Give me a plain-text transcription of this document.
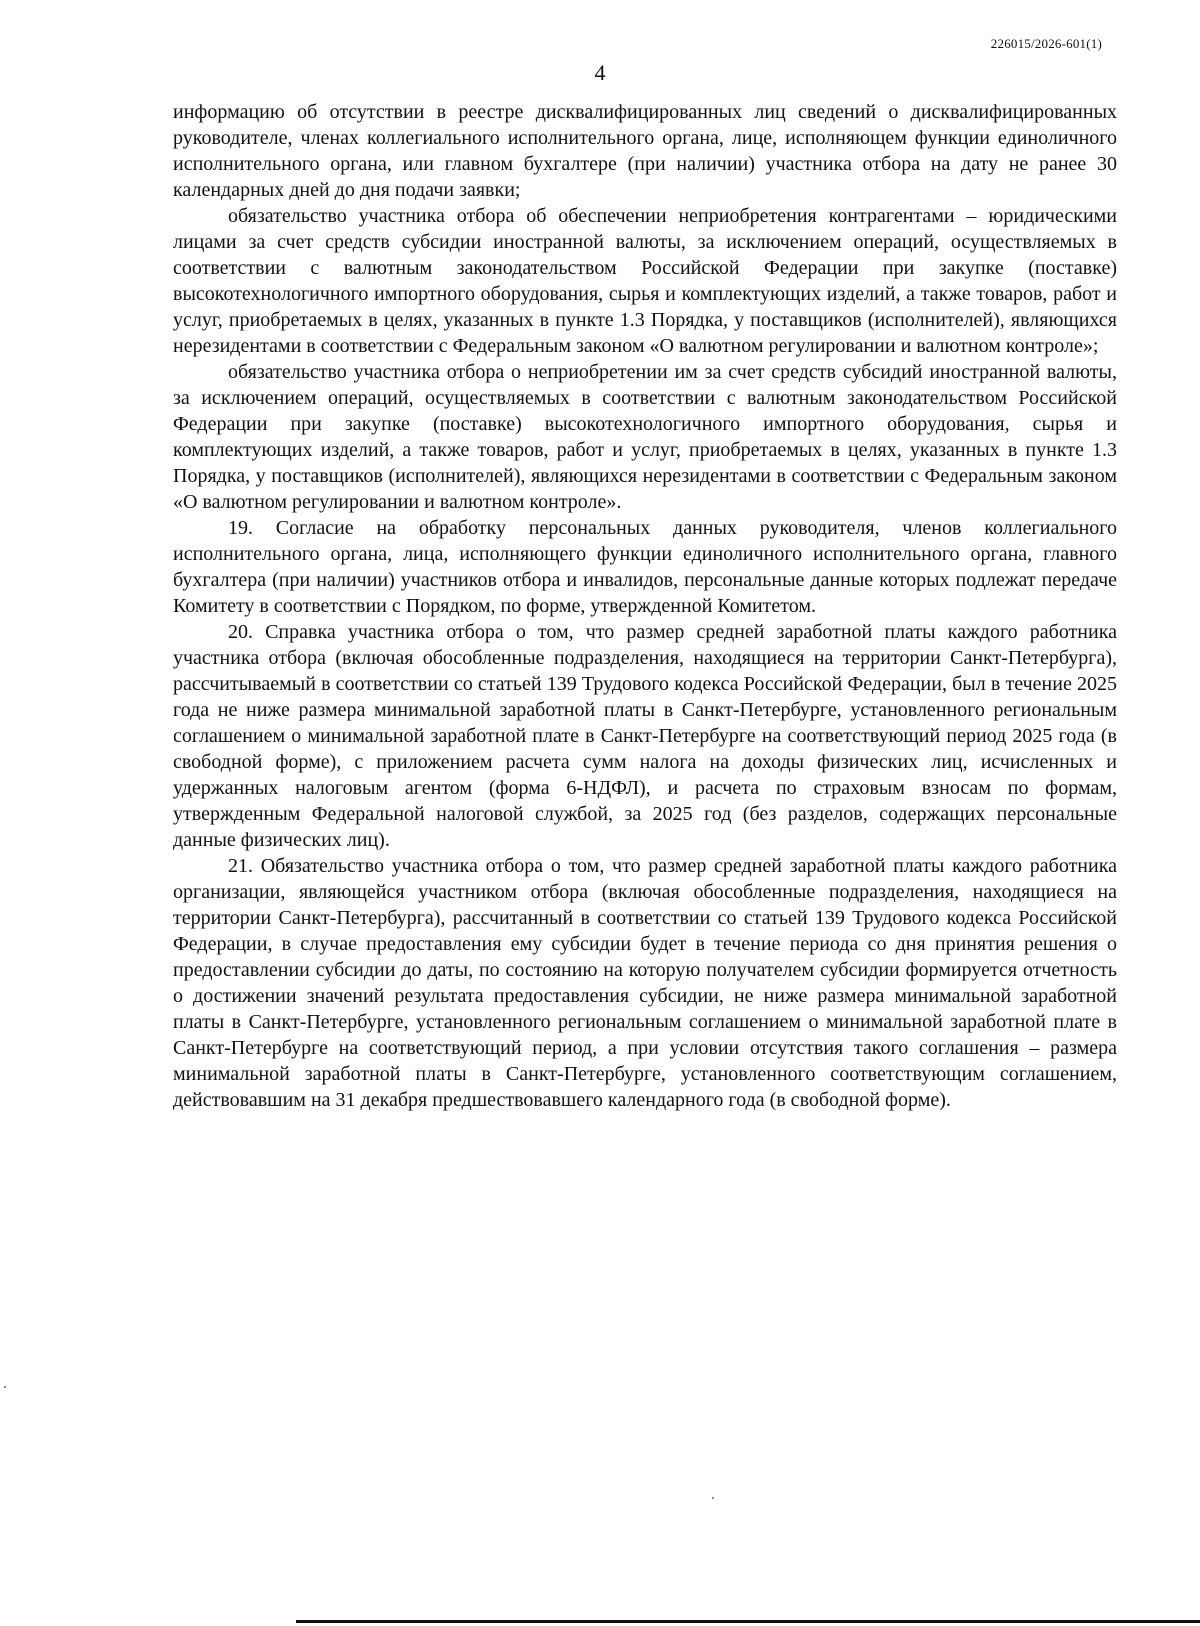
226015/2026-601(1)
4

информацию об отсутствии в реестре дисквалифицированных лиц сведений о дисквалифицированных руководителе, членах коллегиального исполнительного органа, лице, исполняющем функции единоличного исполнительного органа, или главном бухгалтере (при наличии) участника отбора на дату не ранее 30 календарных дней до дня подачи заявки;

обязательство участника отбора об обеспечении неприобретения контрагентами – юридическими лицами за счет средств субсидии иностранной валюты, за исключением операций, осуществляемых в соответствии с валютным законодательством Российской Федерации при закупке (поставке) высокотехнологичного импортного оборудования, сырья и комплектующих изделий, а также товаров, работ и услуг, приобретаемых в целях, указанных в пункте 1.3 Порядка, у поставщиков (исполнителей), являющихся нерезидентами в соответствии с Федеральным законом «О валютном регулировании и валютном контроле»;

обязательство участника отбора о неприобретении им за счет средств субсидий иностранной валюты, за исключением операций, осуществляемых в соответствии с валютным законодательством Российской Федерации при закупке (поставке) высокотехнологичного импортного оборудования, сырья и комплектующих изделий, а также товаров, работ и услуг, приобретаемых в целях, указанных в пункте 1.3 Порядка, у поставщиков (исполнителей), являющихся нерезидентами в соответствии с Федеральным законом «О валютном регулировании и валютном контроле».

19. Согласие на обработку персональных данных руководителя, членов коллегиального исполнительного органа, лица, исполняющего функции единоличного исполнительного органа, главного бухгалтера (при наличии) участников отбора и инвалидов, персональные данные которых подлежат передаче Комитету в соответствии с Порядком, по форме, утвержденной Комитетом.

20. Справка участника отбора о том, что размер средней заработной платы каждого работника участника отбора (включая обособленные подразделения, находящиеся на территории Санкт-Петербурга), рассчитываемый в соответствии со статьей 139 Трудового кодекса Российской Федерации, был в течение 2025 года не ниже размера минимальной заработной платы в Санкт-Петербурге, установленного региональным соглашением о минимальной заработной плате в Санкт-Петербурге на соответствующий период 2025 года (в свободной форме), с приложением расчета сумм налога на доходы физических лиц, исчисленных и удержанных налоговым агентом (форма 6-НДФЛ), и расчета по страховым взносам по формам, утвержденным Федеральной налоговой службой, за 2025 год (без разделов, содержащих персональные данные физических лиц).

21. Обязательство участника отбора о том, что размер средней заработной платы каждого работника организации, являющейся участником отбора (включая обособленные подразделения, находящиеся на территории Санкт-Петербурга), рассчитанный в соответствии со статьей 139 Трудового кодекса Российской Федерации, в случае предоставления ему субсидии будет в течение периода со дня принятия решения о предоставлении субсидии до даты, по состоянию на которую получателем субсидии формируется отчетность о достижении значений результата предоставления субсидии, не ниже размера минимальной заработной платы в Санкт-Петербурге, установленного региональным соглашением о минимальной заработной плате в Санкт-Петербурге на соответствующий период, а при условии отсутствия такого соглашения – размера минимальной заработной платы в Санкт-Петербурге, установленного соответствующим соглашением, действовавшим на 31 декабря предшествовавшего календарного года (в свободной форме).
